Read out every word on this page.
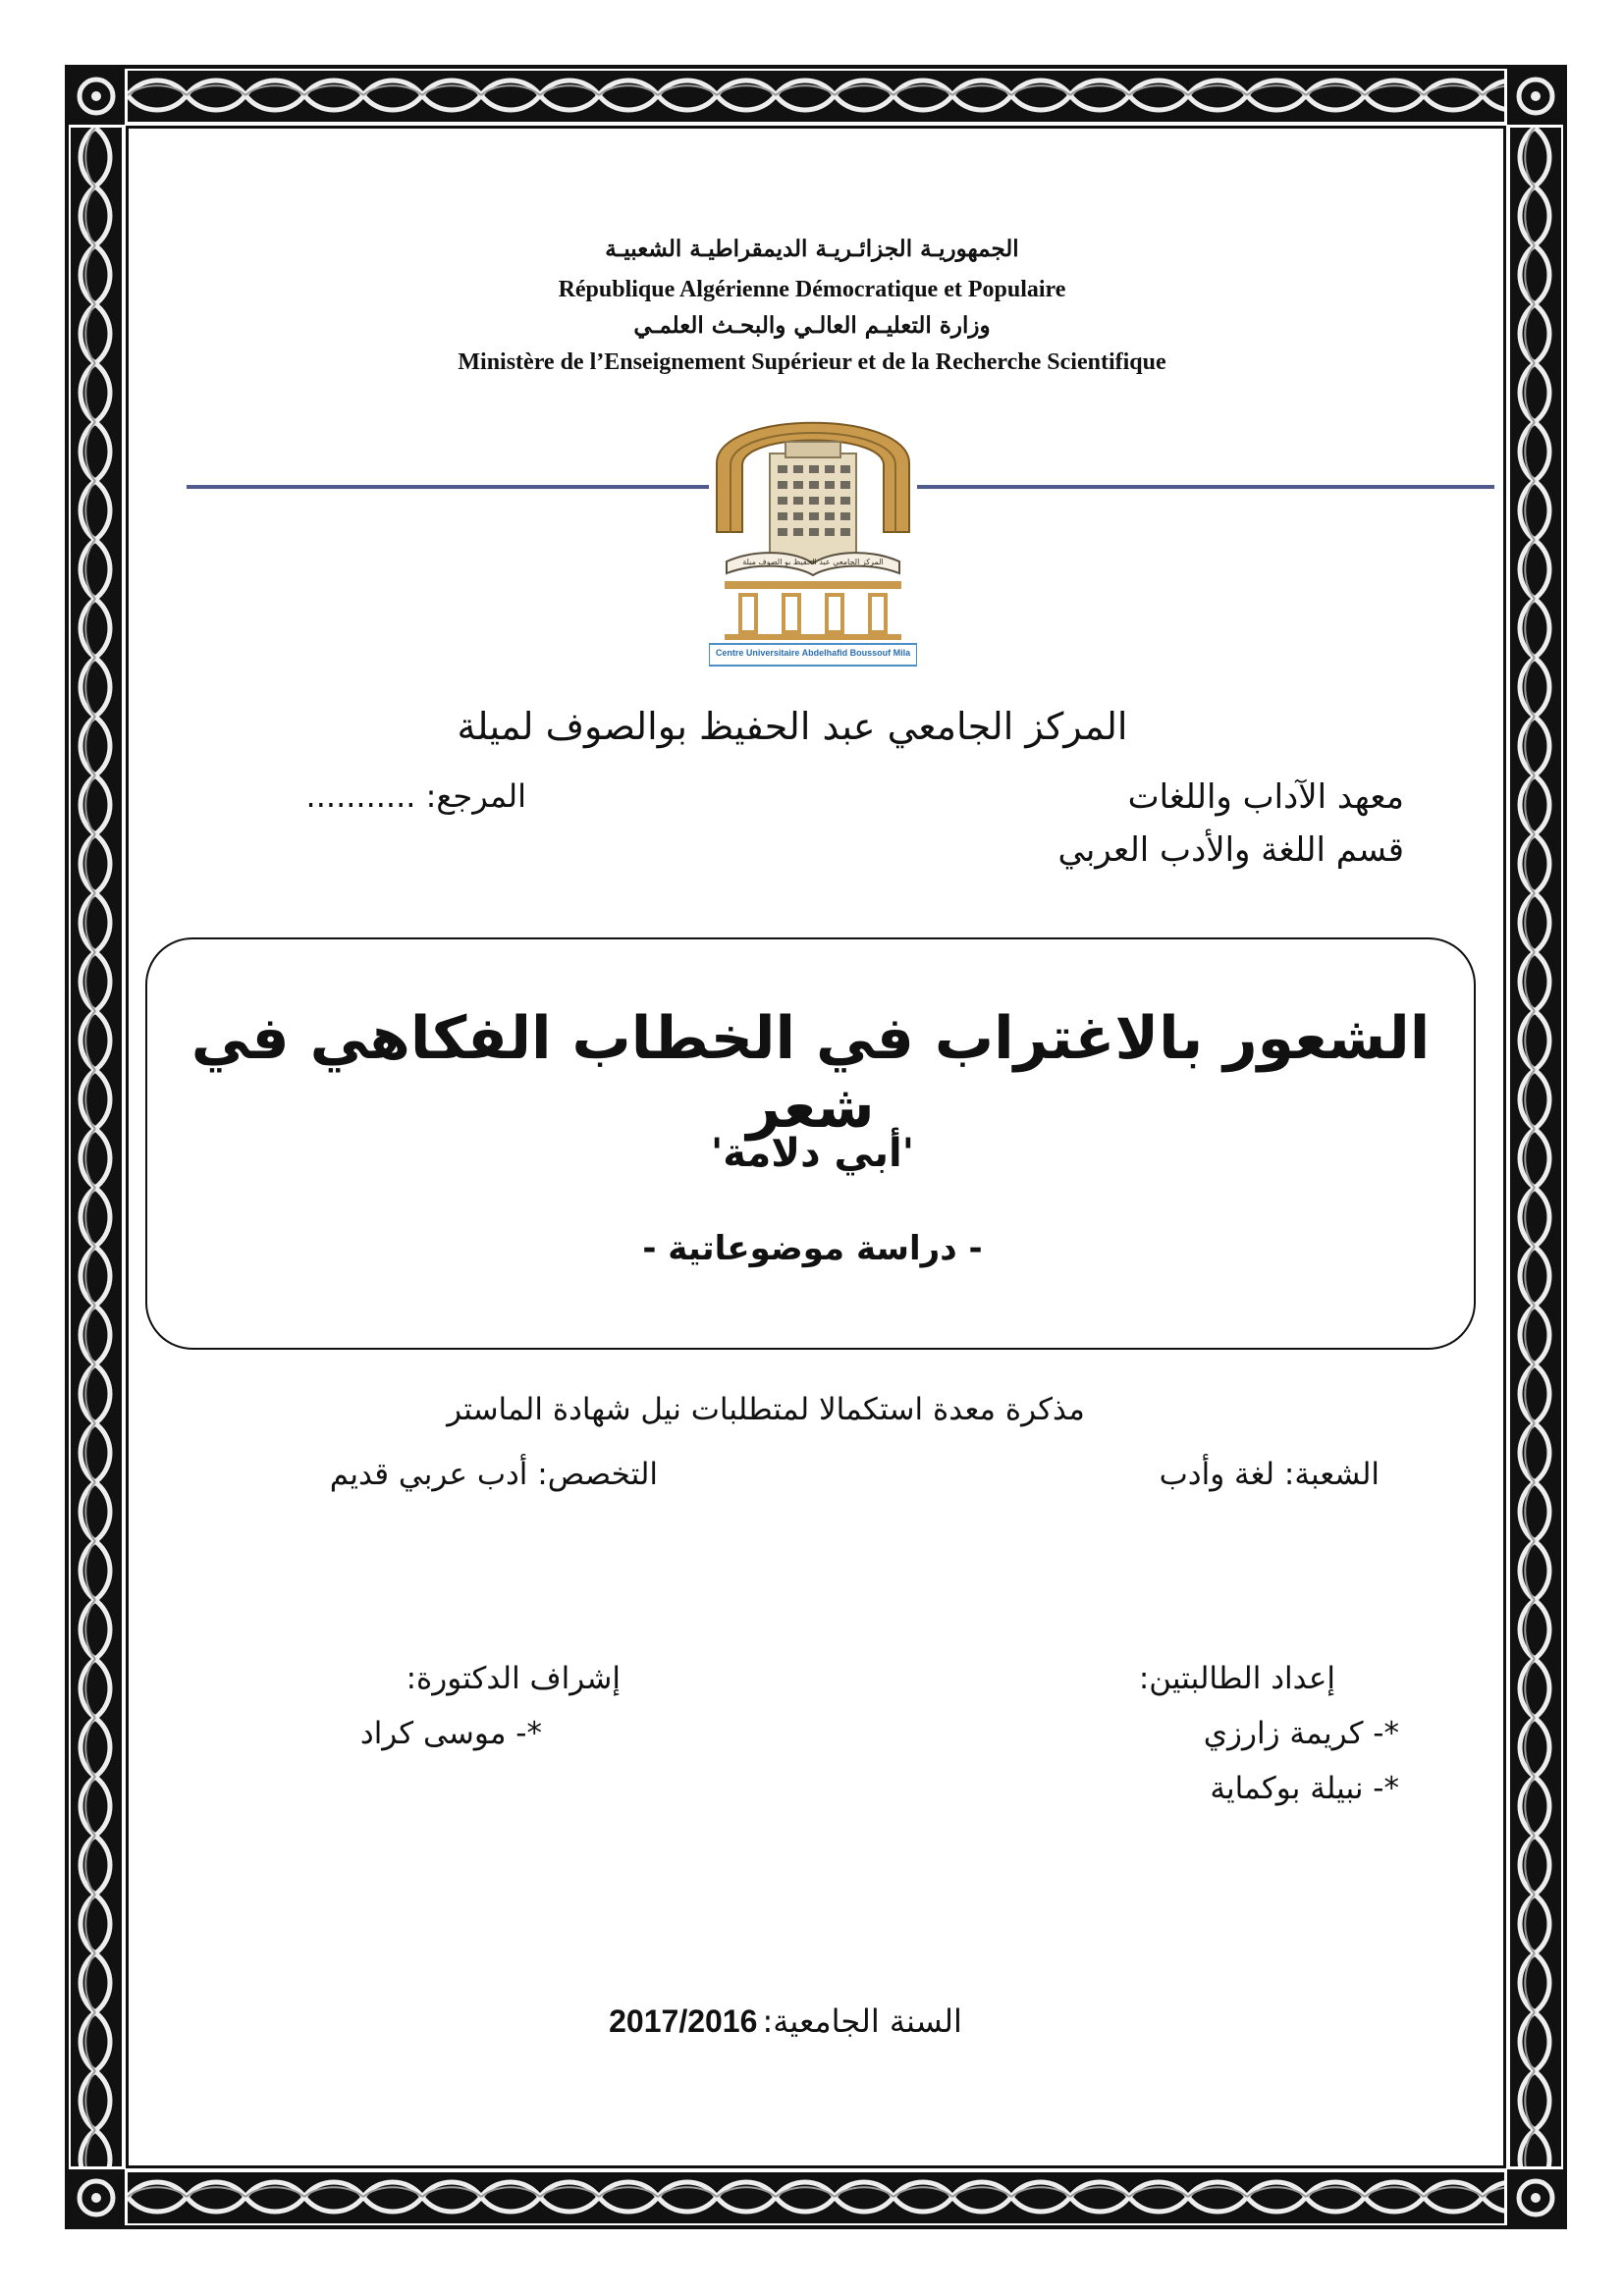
الجمهوريـة الجزائـريـة الديمقراطيـة الشعبيـة
République Algérienne Démocratique et Populaire
وزارة التعليـم العالـي والبحـث العلمـي
Ministère de l’Enseignement Supérieur et de la Recherche Scientifique
المركز الجامعي عبد الحفيظ بو الصوف ميلة
Centre Universitaire Abdelhafid Boussouf Mila
المركز الجامعي عبد الحفيظ بوالصوف لميلة
معهد الآداب واللغات
قسم اللغة والأدب العربي
المرجع: ...........
الشعور بالاغتراب في الخطاب الفكاهي في شعر
'أبي دلامة'
- دراسة موضوعاتية -
مذكرة معدة استكمالا لمتطلبات نيل شهادة الماستر
الشعبة: لغة وأدب
التخصص: أدب عربي قديم
إعداد الطالبتين:
*- كريمة زارزي
*- نبيلة بوكماية
إشراف الدكتورة:
*- موسى كراد
السنة الجامعية: 2017/2016
